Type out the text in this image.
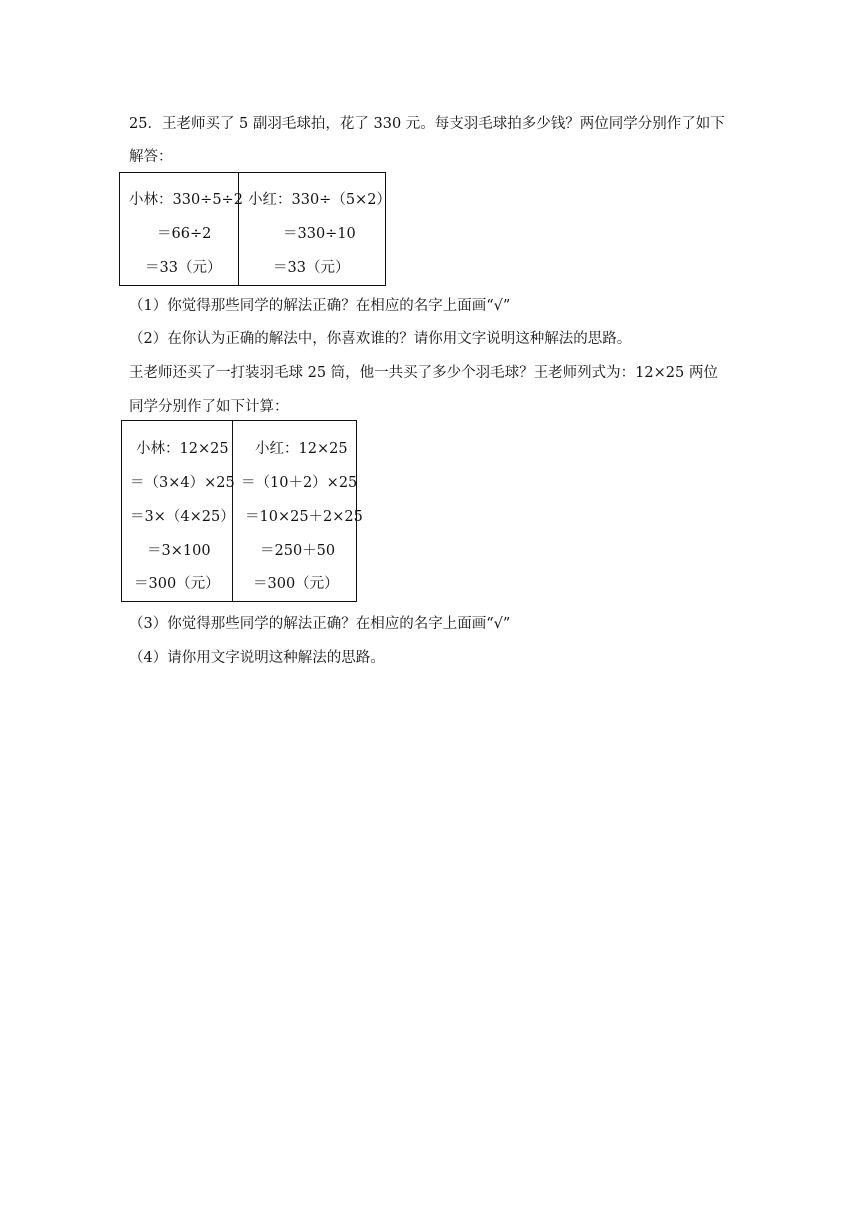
25．王老师买了 5 副羽毛球拍，花了 330 元。每支羽毛球拍多少钱？两位同学分别作了如下
解答：
小林：330÷5÷2
＝66÷2
＝33（元）

小红：330÷（5×2）
＝330÷10
＝33（元）
（1）你觉得那些同学的解法正确？在相应的名字上面画“√”
（2）在你认为正确的解法中，你喜欢谁的？请你用文字说明这种解法的思路。
王老师还买了一打装羽毛球 25 筒，他一共买了多少个羽毛球？王老师列式为：12×25 两位
同学分别作了如下计算：
小林：12×25
＝（3×4）×25
＝3×（4×25）
＝3×100
＝300（元）

小红：12×25
＝（10＋2）×25
＝10×25＋2×25
＝250＋50
＝300（元）
（3）你觉得那些同学的解法正确？在相应的名字上面画“√”
（4）请你用文字说明这种解法的思路。
